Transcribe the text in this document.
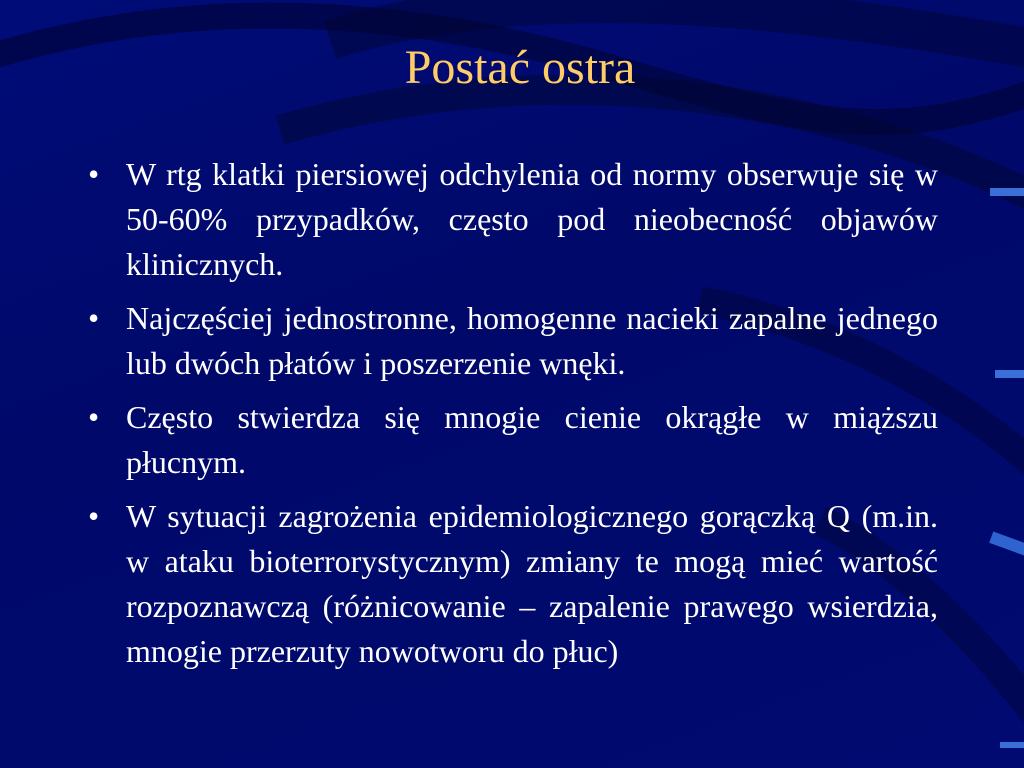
Postać ostra
• W rtg klatki piersiowej odchylenia od normy obserwuje się w 50-60% przypadków, często pod nieobecność objawów klinicznych.
• Najczęściej jednostronne, homogenne nacieki zapalne jednego lub dwóch płatów i poszerzenie wnęki.
• Często stwierdza się mnogie cienie okrągłe w miąższu płucnym.
• W sytuacji zagrożenia epidemiologicznego gorączką Q (m.in. w ataku bioterrorystycznym) zmiany te mogą mieć wartość rozpoznawczą (różnicowanie – zapalenie prawego wsierdzia, mnogie przerzuty nowotworu do płuc)
